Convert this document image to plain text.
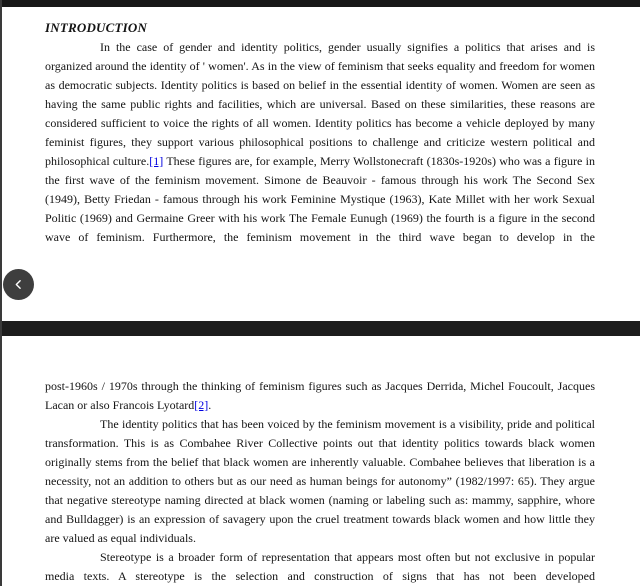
INTRODUCTION

In the case of gender and identity politics, gender usually signifies a politics that arises and is organized around the identity of ' women'. As in the view of feminism that seeks equality and freedom for women as democratic subjects. Identity politics is based on belief in the essential identity of women. Women are seen as having the same public rights and facilities, which are universal. Based on these similarities, these reasons are considered sufficient to voice the rights of all women. Identity politics has become a vehicle deployed by many feminist figures, they support various philosophical positions to challenge and criticize western political and philosophical culture.[1] These figures are, for example, Merry Wollstonecraft (1830s-1920s) who was a figure in the first wave of the feminism movement. Simone de Beauvoir - famous through his work The Second Sex (1949), Betty Friedan - famous through his work Feminine Mystique (1963), Kate Millet with her work Sexual Politic (1969) and Germaine Greer with his work The Female Eunugh (1969) the fourth is a figure in the second wave of feminism. Furthermore, the feminism movement in the third wave began to develop in the

post-1960s / 1970s through the thinking of feminism figures such as Jacques Derrida, Michel Foucoult, Jacques Lacan or also Francois Lyotard[2].

The identity politics that has been voiced by the feminism movement is a visibility, pride and political transformation. This is as Combahee River Collective points out that identity politics towards black women originally stems from the belief that black women are inherently valuable. Combahee believes that liberation is a necessity, not an addition to others but as our need as human beings for autonomy” (1982/1997: 65). They argue that negative stereotype naming directed at black women (naming or labeling such as: mammy, sapphire, whore and Bulldagger) is an expression of savagery upon the cruel treatment towards black women and how little they are valued as equal individuals.

Stereotype is a broader form of representation that appears most often but not exclusive in popular media texts. A stereotype is the selection and construction of signs that has not been developed
